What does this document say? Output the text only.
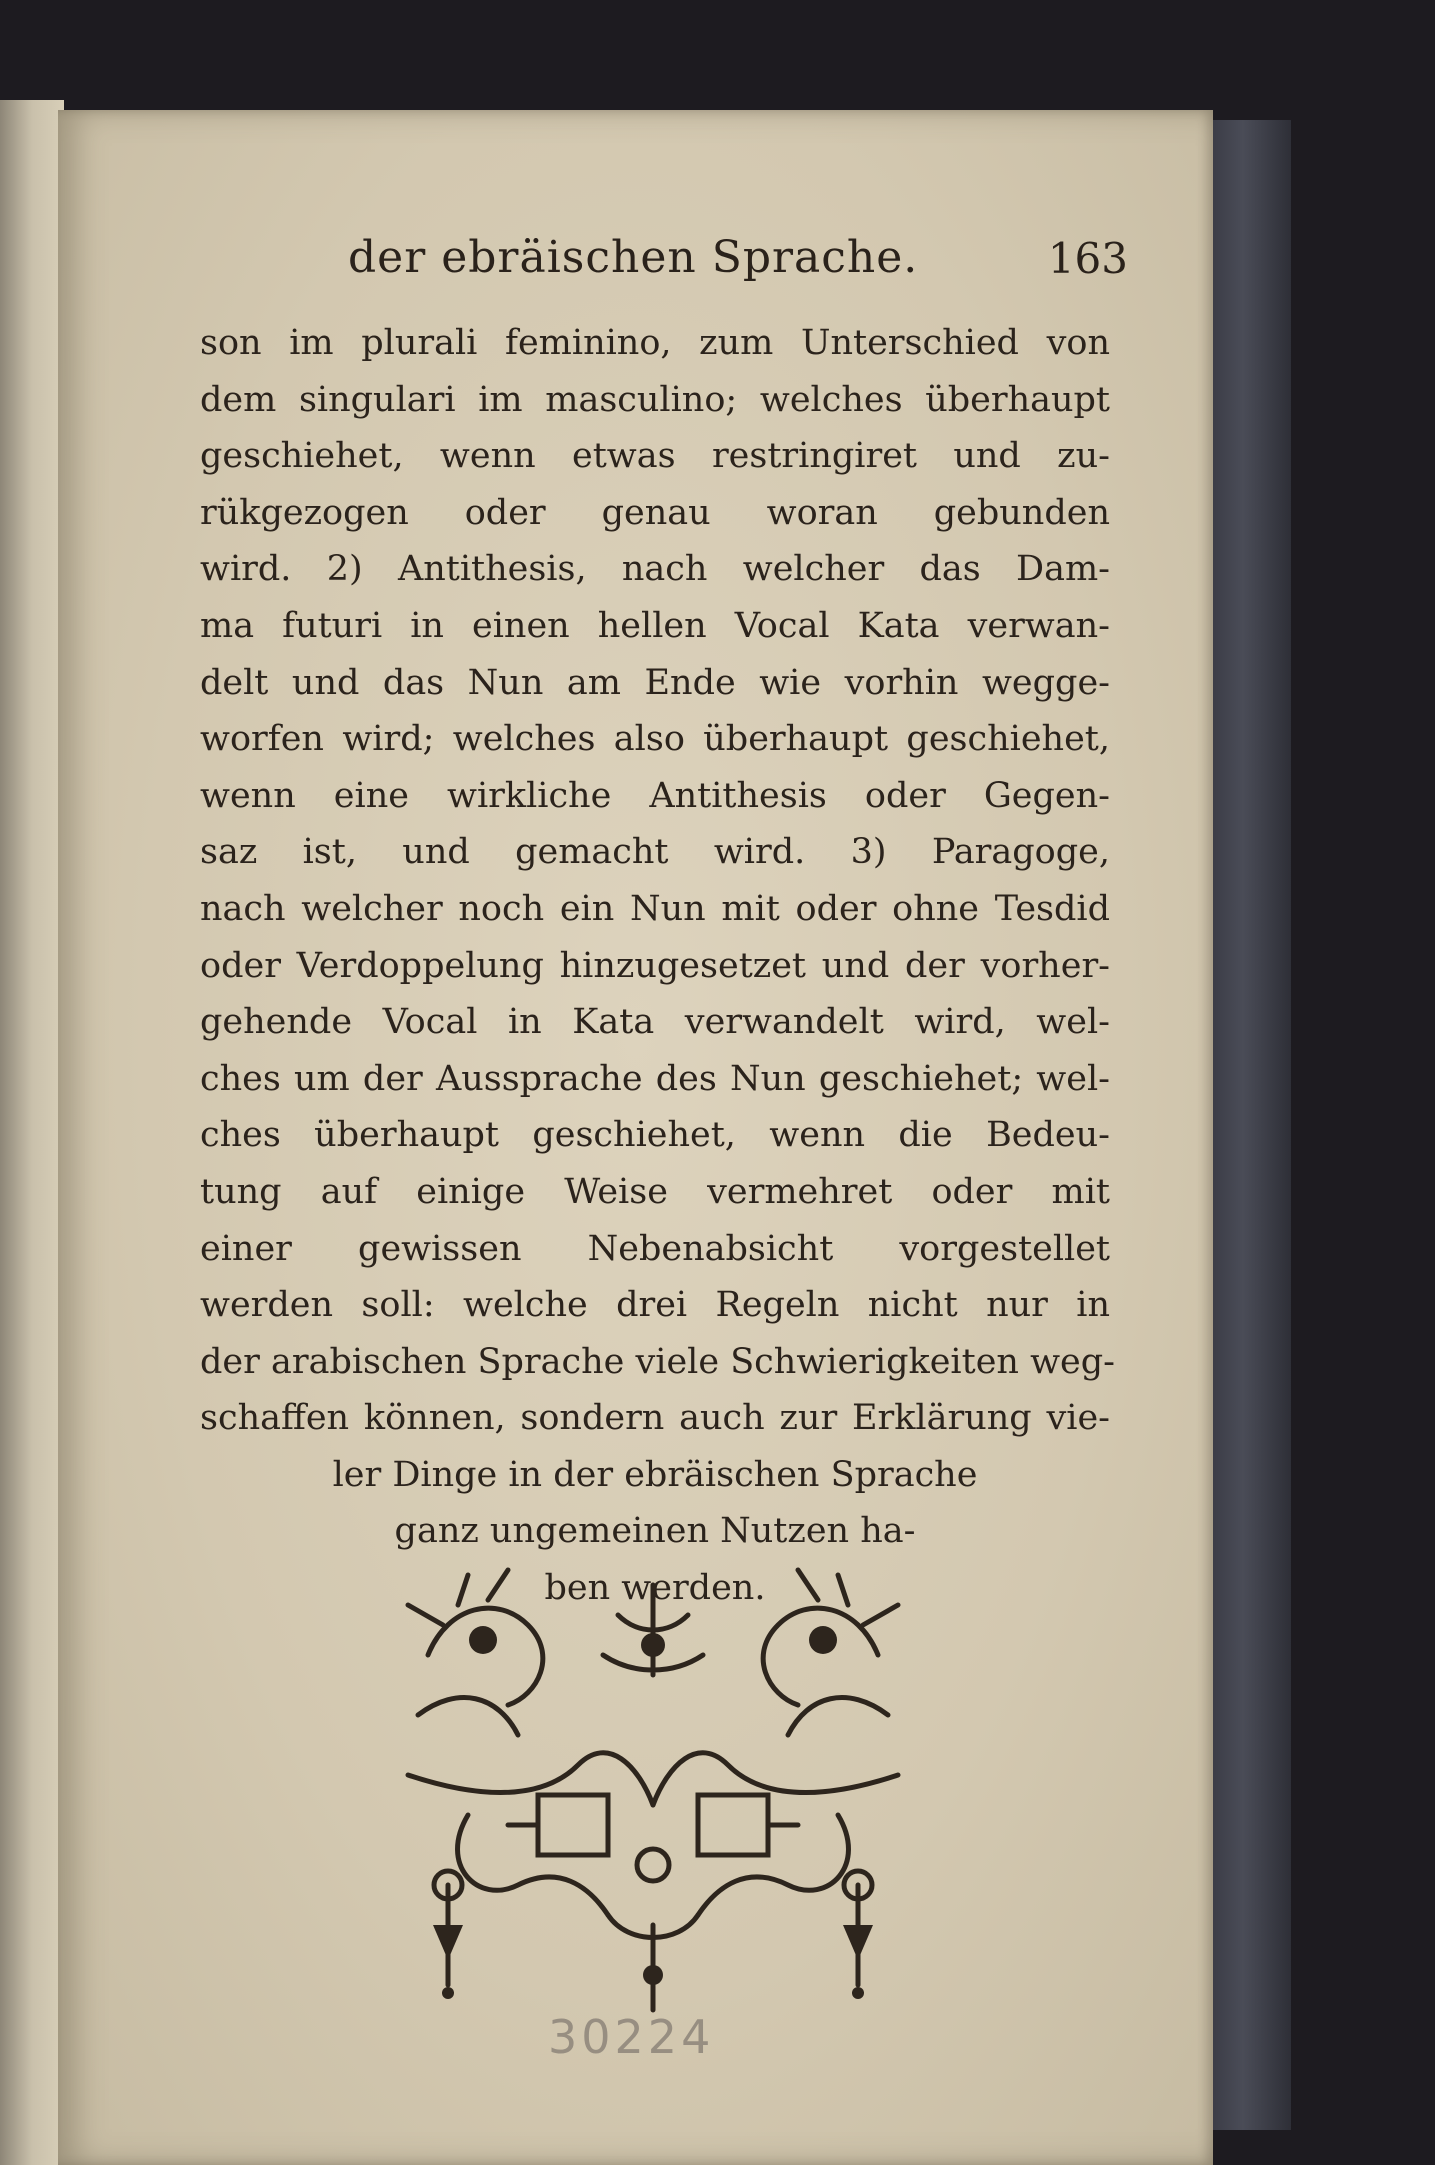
der ebräischen Sprache.	163
son im plurali feminino, zum Unterschied von
dem singulari im masculino; welches überhaupt
geschiehet, wenn etwas restringiret und zu-
rükgezogen oder genau woran gebunden
wird. 2) Antithesis, nach welcher das Dam-
ma futuri in einen hellen Vocal Kata verwan-
delt und das Nun am Ende wie vorhin wegge-
worfen wird; welches also überhaupt geschiehet,
wenn eine wirkliche Antithesis oder Gegen-
saz ist, und gemacht wird. 3) Paragoge,
nach welcher noch ein Nun mit oder ohne Tesdid
oder Verdoppelung hinzugesetzet und der vorher-
gehende Vocal in Kata verwandelt wird, wel-
ches um der Aussprache des Nun geschiehet; wel-
ches überhaupt geschiehet, wenn die Bedeu-
tung auf einige Weise vermehret oder mit
einer gewissen Nebenabsicht vorgestellet
werden soll: welche drei Regeln nicht nur in
der arabischen Sprache viele Schwierigkeiten weg-
schaffen können, sondern auch zur Erklärung vie-
ler Dinge in der ebräischen Sprache
ganz ungemeinen Nutzen ha-
ben werden.
30224
